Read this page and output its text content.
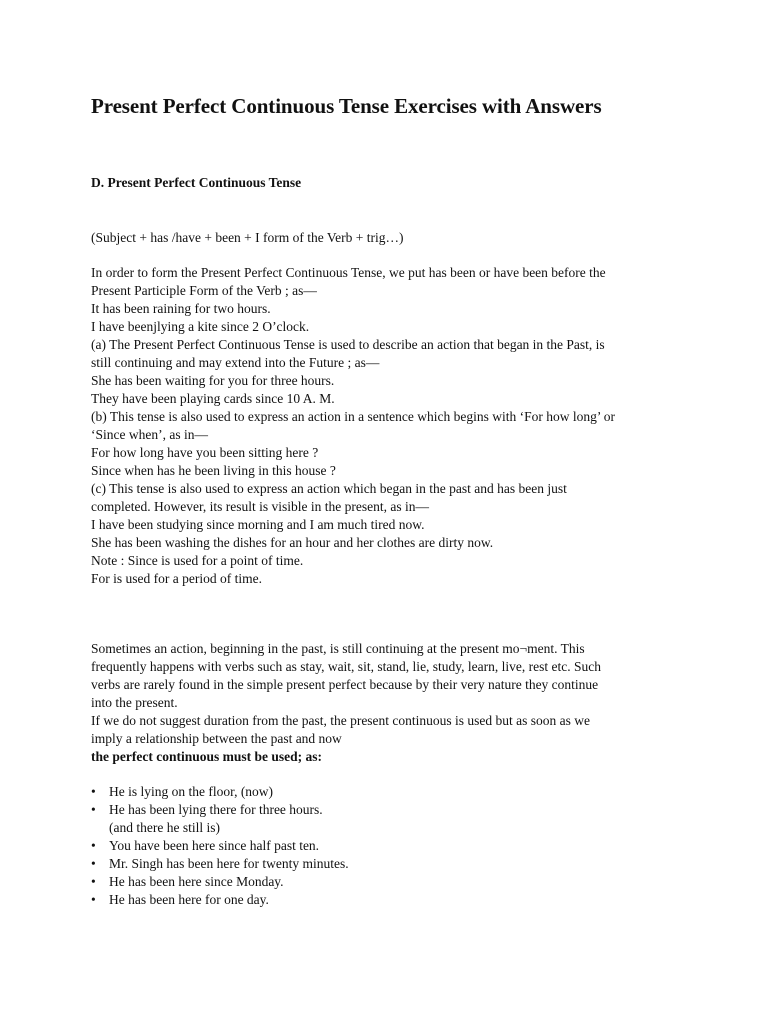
Present Perfect Continuous Tense Exercises with Answers
D. Present Perfect Continuous Tense

(Subject + has /have + been + I form of the Verb + trig…)

In order to form the Present Perfect Continuous Tense, we put has been or have been before the

Present Participle Form of the Verb ; as—

It has been raining for two hours.

I have beenjlying a kite since 2 O’clock.

(a) The Present Perfect Continuous Tense is used to describe an action that began in the Past, is

still continuing and may extend into the Future ; as—

She has been waiting for you for three hours.

They have been playing cards since 10 A. M.

(b) This tense is also used to express an action in a sentence which begins with ‘For how long’ or

‘Since when’, as in—

For how long have you been sitting here ?

Since when has he been living in this house ?

(c) This tense is also used to express an action which began in the past and has been just

completed. However, its result is visible in the present, as in—

I have been studying since morning and I am much tired now.

She has been washing the dishes for an hour and her clothes are dirty now.

Note : Since is used for a point of time.

For is used for a period of time.

Sometimes an action, beginning in the past, is still continuing at the present mo¬ment. This

frequently happens with verbs such as stay, wait, sit, stand, lie, study, learn, live, rest etc. Such

verbs are rarely found in the simple present perfect because by their very nature they continue

into the present.

If we do not suggest duration from the past, the present continuous is used but as soon as we

imply a relationship between the past and now

the perfect continuous must be used; as:

• He is lying on the floor, (now)
• He has been lying there for three hours.
(and there he still is)
• You have been here since half past ten.
• Mr. Singh has been here for twenty minutes.
• He has been here since Monday.
• He has been here for one day.
